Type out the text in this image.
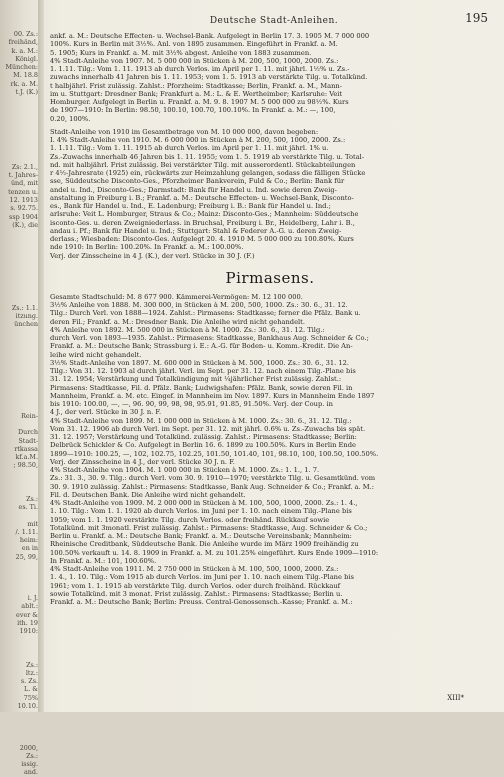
00. Zs.:
freihänd,
k. a. M.:
Königl.
München:
M. 18.8
rk. a. M.
t.J. (K.)
Zs: 2.1.,
t. Jahres-
ünd, mit
tenzen u.
12. 1913
s. 92.75.
ssp 1904
(K.), die
Zs.: 1.1.
itzung.
ünchen
Rein-
Durch
Stadt-
rtkassa
kf.a.M.
; 98.50,
Zs.:
es. Ti.
mit
/. 1.11.
heim:
en in
25, 99,
i. J.
ablt.:
ever &
ith. 19
1910:
Zs.:
ltz.:
s. Zs.
L. &
75%
10.10.
2000,
Zs.:
issig.
and.
Deutsche Stadt-Anleihen.	195
ankf. a. M.: Deutsche Effecten- u. Wechsel-Bank. Aufgelegt in Berlin 17. 3. 1905 M. 7 000 000
100%. Kurs in Berlin mit 3½%. Anl. von 1895 zusammen. Eingeführt in Frankf. a. M.
5. 1905; Kurs in Frankf. a. M. mit 3½% abgest. Anleihe von 1883 zusammen.
4% Stadt-Anleihe von 1907. M. 5 000 000 in Stücken à M. 200, 500, 1000, 2000. Zs.:
1. 1.11. Tilg.: Vom 1. 11. 1913 ab durch Verlos. im April per 1. 11. mit jährl. 1½% u. Zs.-
zuwachs innerhalb 41 Jahren bis 1. 11. 1953; vom 1. 5. 1913 ab verstärkte Tilg. u. Totalkünd.
t halbjährl. Frist zulässig. Zahlst.: Pforzheim: Stadtkasse; Berlin, Frankf. a. M., Mann-
im u. Stuttgart: Dresdner Bank; Frankfurt a. M.: L. & E. Wertheimber; Karlsruhe: Veit
Homburger. Aufgelegt in Berlin u. Frankf. a. M. 9. 8. 1907 M. 5 000 000 zu 98½%. Kurs
de 1907—1910: In Berlin: 98.50, 100.10, 100.70, 100.10%. In Frankf. a. M.: —, 100,
0.20, 100%.
Stadt-Anleihe von 1910 im Gesamtbetrage von M. 10 000 000, davon begeben:
I. 4% Stadt-Anleihe von 1910. M. 6 000 000 in Stücken à M. 200, 500, 1000, 2000. Zs.:
1. 1.11. Tilg.: Vom 1. 11. 1915 ab durch Verlos. im April per 1. 11. mit jährl. 1% u.
Zs.-Zuwachs innerhalb 46 Jahren bis 1. 11. 1955; vom 1. 5. 1919 ab verstärkte Tilg. u. Total-
nd. mit halbjährl. Frist zulässig. Bei verstärkter Tilg. mit ausserordentl. Stückabteilungen
r 4½-Jahresrate (1925) ein, rückwärts zur Heimzahlung gelangen, sodass die fälligen Stücke
sse, Süddeutsche Disconto-Ges., Pforzheimer Bankverein, Fuld & Co.; Berlin: Bank für
andel u. Ind., Disconto-Ges.; Darmstadt: Bank für Handel u. Ind. sowie deren Zweig-
anstaltung in Freiburg i. B.; Frankf. a. M.: Deutsche Effecten- u. Wechsel-Bank, Disconto-
es., Bank für Handel u. Ind., E. Ladenburg; Freiburg i. B.: Bank für Handel u. Ind.;
arlsruhe: Veit L. Homburger, Straus & Co.; Mainz: Disconto-Ges.; Mannheim: Süddeutsche
isconto-Ges. u. deren Zweigniederlass. in Bruchsal, Freiburg i. Br., Heidelberg, Lahr i. B.,
andau i. Pf.; Bank für Handel u. Ind.; Stuttgart: Stahl & Federer A.-G. u. deren Zweig-
derlass.; Wiesbaden: Disconto-Ges. Aufgelegt 20. 4. 1910 M. 5 000 000 zu 100.80%. Kurs
nde 1910: In Berlin: 100.20%. In Frankf. a. M.: 100.00%.
Verj. der Zinsscheine in 4 J. (K.), der verl. Stücke in 30 J. (F.)
Pirmasens.
Gesamte Stadtschuld: M. 8 677 900. Kämmerei-Vermögen: M. 12 100 000.
3½% Anleihe von 1888. M. 300 000, in Stücken à M. 200, 500, 1000. Zs.: 30. 6., 31. 12.
Tilg.: Durch Verl. von 1888—1924. Zahlst.: Pirmasens: Stadtkasse; ferner die Pfälz. Bank u.
deren Fil.; Frankf. a. M.: Dresdner Bank. Die Anleihe wird nicht gehandelt.
4% Anleihe von 1892. M. 500 000 in Stücken à M. 1000. Zs.: 30. 6., 31. 12. Tilg.:
durch Verl. von 1893—1935. Zahlst.: Pirmasens: Stadtkasse, Bankhaus Aug. Schneider & Co.;
Frankf. a. M.: Deutsche Bank; Strassburg i. E.: A.-G. für Boden- u. Komm.-Kredit. Die An-
leihe wird nicht gehandelt.
3½% Stadt-Anleihe von 1897. M. 600 000 in Stücken à M. 500, 1000. Zs.: 30. 6., 31. 12.
Tilg.: Von 31. 12. 1903 al durch jährl. Verl. im Sept. per 31. 12. nach einem Tilg.-Plane bis
31. 12. 1954; Verstärkung und Totalkündigung mit ¼jährlicher Frist zulässig. Zahlst.:
Pirmasens: Stadtkasse, Fil. d. Pfälz. Bank; Ludwigshafen: Pfälz. Bank, sowie deren Fil. in
Mannheim, Frankf. a. M. etc. Eingef. in Mannheim im Nov. 1897. Kurs in Mannheim Ende 1897
bis 1910: 100.00, —, —, 96. 90, 99, 98, 98, 95.91, 91.85, 91.50%. Verj. der Coup. in
4 J., der verl. Stücke in 30 J. n. F.
4% Stadt-Anleihe von 1899. M. 1 000 000 in Stücken à M. 1000. Zs.: 30. 6., 31. 12. Tilg.:
Vom 31. 12. 1906 ab durch Verl. im Sept. per 31. 12. mit jährl. 0.6% u. Zs.-Zuwachs bis spät.
31. 12. 1957; Verstärkung und Totalkünd. zulässig. Zahlst.: Pirmasens: Stadtkasse; Berlin:
Delbrück Schickler & Co. Aufgelegt in Berlin 16. 6. 1899 zu 100.50%. Kurs in Berlin Ende
1899—1910: 100.25, —, 102, 102.75, 102.25, 101.50, 101.40, 101, 98.10, 100, 100.50, 100.50%.
Verj. der Zinsscheine in 4 J., der verl. Stücke 30 J. n. F.
4% Stadt-Anleihe von 1904. M. 1 000 000 in Stücken à M. 1000. Zs.: 1. 1., 1. 7.
Zs.: 31. 3., 30. 9. Tilg.: durch Verl. vom 30. 9. 1910—1970; verstärkte Tilg. u. Gesamtkünd. vom
30. 9. 1910 zulässig. Zahlst.: Pirmasens: Stadtkasse, Bank Aug. Schneider & Co.; Frankf. a. M.:
Fil. d. Deutschen Bank. Die Anleihe wird nicht gehandelt.
4% Stadt-Anleihe von 1909. M. 2 000 000 in Stücken à M. 100, 500, 1000, 2000. Zs.: 1. 4.,
1. 10. Tilg.: Vom 1. 1. 1920 ab durch Verlos. im Juni per 1. 10. nach einem Tilg.-Plane bis
1959; vom 1. 1. 1920 verstärkte Tilg. durch Verlos. oder freihänd. Rückkauf sowie
Totalkünd. mit 3monatl. Frist zulässig. Zahlst.: Pirmasens: Stadtkasse, Aug. Schneider & Co.;
Berlin u. Frankf. a. M.: Deutsche Bank; Frankf. a. M.: Deutsche Vereinsbank; Mannheim:
Rheinische Creditbank, Süddeutsche Bank. Die Anleihe wurde im März 1909 freihändig zu
100.50% verkauft u. 14. 8. 1909 in Frankf. a. M. zu 101.25% eingeführt. Kurs Ende 1909—1910:
In Frankf. a. M.: 101, 100.60%.
4% Stadt-Anleihe von 1911. M. 2 750 000 in Stücken à M. 100, 500, 1000, 2000. Zs.:
1. 4., 1. 10. Tilg.: Vom 1915 ab durch Verlos. im Juni per 1. 10. nach einem Tilg.-Plane bis
1961; vom 1. 1. 1915 ab verstärkte Tilg. durch Verlos. oder durch freihänd. Rückkauf
sowie Totalkünd. mit 3 monat. Frist zulässig. Zahlst.: Pirmasens: Stadtkasse; Berlin u.
Frankf. a. M.: Deutsche Bank; Berlin: Preuss. Central-Genossensch.-Kasse; Frankf. a. M.:
XIII*
